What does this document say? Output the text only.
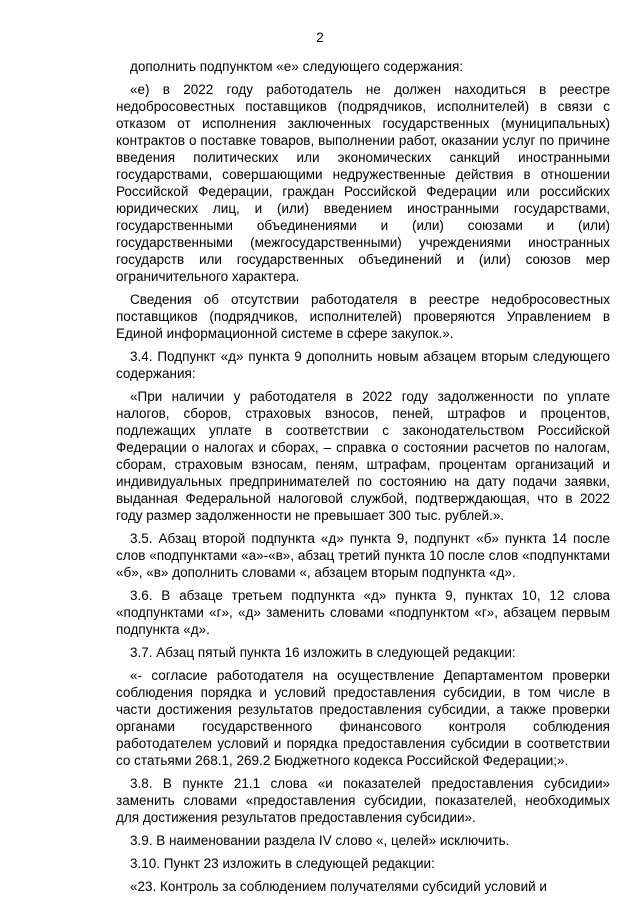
2

дополнить подпунктом «е» следующего содержания:

«е) в 2022 году работодатель не должен находиться в реестре недобросовестных поставщиков (подрядчиков, исполнителей) в связи с отказом от исполнения заключенных государственных (муниципальных) контрактов о поставке товаров, выполнении работ, оказании услуг по причине введения политических или экономических санкций иностранными государствами, совершающими недружественные действия в отношении Российской Федерации, граждан Российской Федерации или российских юридических лиц, и (или) введением иностранными государствами, государственными объединениями и (или) союзами и (или) государственными (межгосударственными) учреждениями иностранных государств или государственных объединений и (или) союзов мер ограничительного характера.

Сведения об отсутствии работодателя в реестре недобросовестных поставщиков (подрядчиков, исполнителей) проверяются Управлением в Единой информационной системе в сфере закупок.».

3.4. Подпункт «д» пункта 9 дополнить новым абзацем вторым следующего содержания:

«При наличии у работодателя в 2022 году задолженности по уплате налогов, сборов, страховых взносов, пеней, штрафов и процентов, подлежащих уплате в соответствии с законодательством Российской Федерации о налогах и сборах, – справка о состоянии расчетов по налогам, сборам, страховым взносам, пеням, штрафам, процентам организаций и индивидуальных предпринимателей по состоянию на дату подачи заявки, выданная Федеральной налоговой службой, подтверждающая, что в 2022 году размер задолженности не превышает 300 тыс. рублей.».

3.5. Абзац второй подпункта «д» пункта 9, подпункт «б» пункта 14 после слов «подпунктами «а»-«в», абзац третий пункта 10 после слов «подпунктами «б», «в» дополнить словами «, абзацем вторым подпункта «д».

3.6. В абзаце третьем подпункта «д» пункта 9, пунктах 10, 12 слова «подпунктами «г», «д» заменить словами «подпунктом «г», абзацем первым подпункта «д».

3.7. Абзац пятый пункта 16 изложить в следующей редакции:

«- согласие работодателя на осуществление Департаментом проверки соблюдения порядка и условий предоставления субсидии, в том числе в части достижения результатов предоставления субсидии, а также проверки органами государственного финансового контроля соблюдения работодателем условий и порядка предоставления субсидии в соответствии со статьями 268.1, 269.2 Бюджетного кодекса Российской Федерации;».

3.8. В пункте 21.1 слова «и показателей предоставления субсидии» заменить словами «предоставления субсидии, показателей, необходимых для достижения результатов предоставления субсидии».

3.9. В наименовании раздела IV слово «, целей» исключить.

3.10. Пункт 23 изложить в следующей редакции:

«23. Контроль за соблюдением получателями субсидий условий и
